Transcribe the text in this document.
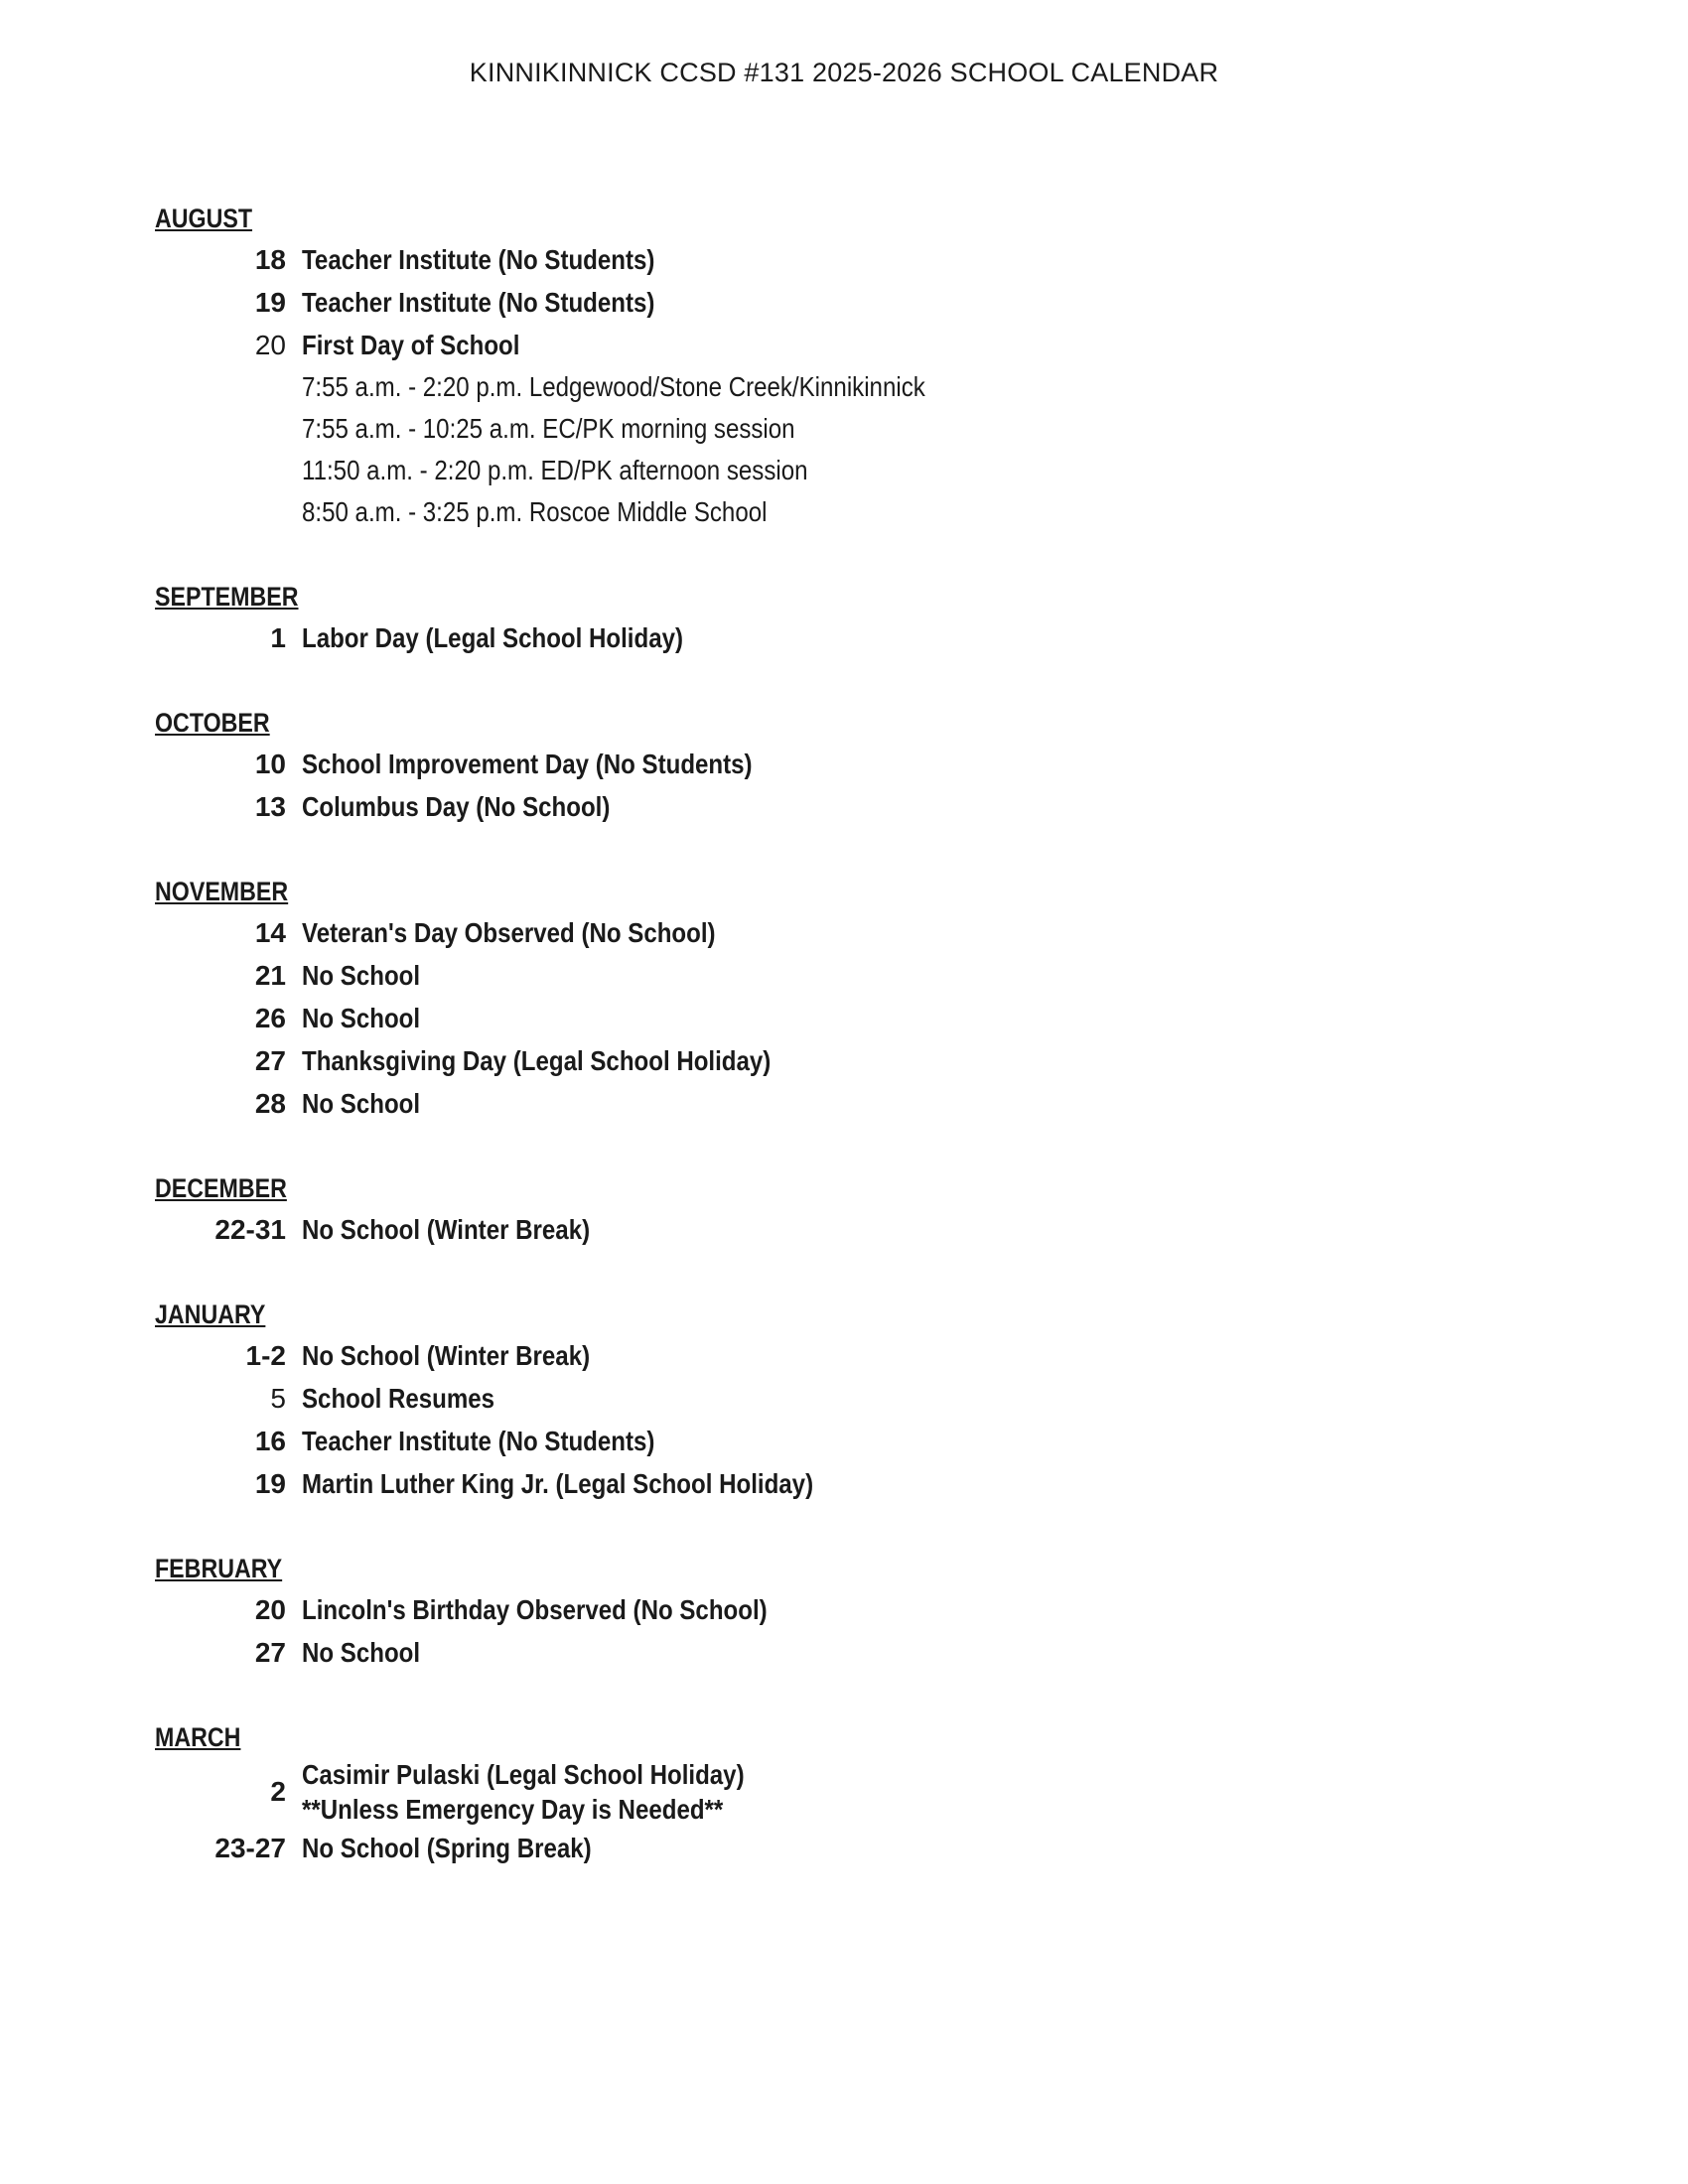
KINNIKINNICK CCSD #131 2025-2026 SCHOOL CALENDAR
AUGUST
18 Teacher Institute (No Students)
19 Teacher Institute (No Students)
20 First Day of School
7:55 a.m. - 2:20 p.m. Ledgewood/Stone Creek/Kinnikinnick
7:55 a.m. - 10:25 a.m. EC/PK morning session
11:50 a.m. - 2:20 p.m. ED/PK afternoon session
8:50 a.m. - 3:25 p.m. Roscoe Middle School
SEPTEMBER
1 Labor Day (Legal School Holiday)
OCTOBER
10 School Improvement Day (No Students)
13 Columbus Day (No School)
NOVEMBER
14 Veteran's Day Observed (No School)
21 No School
26 No School
27 Thanksgiving Day (Legal School Holiday)
28 No School
DECEMBER
22-31 No School (Winter Break)
JANUARY
1-2 No School (Winter Break)
5 School Resumes
16 Teacher Institute (No Students)
19 Martin Luther King Jr. (Legal School Holiday)
FEBRUARY
20 Lincoln's Birthday Observed (No School)
27 No School
MARCH
2
Casimir Pulaski (Legal School Holiday)
**Unless Emergency Day is Needed**
23-27 No School (Spring Break)
